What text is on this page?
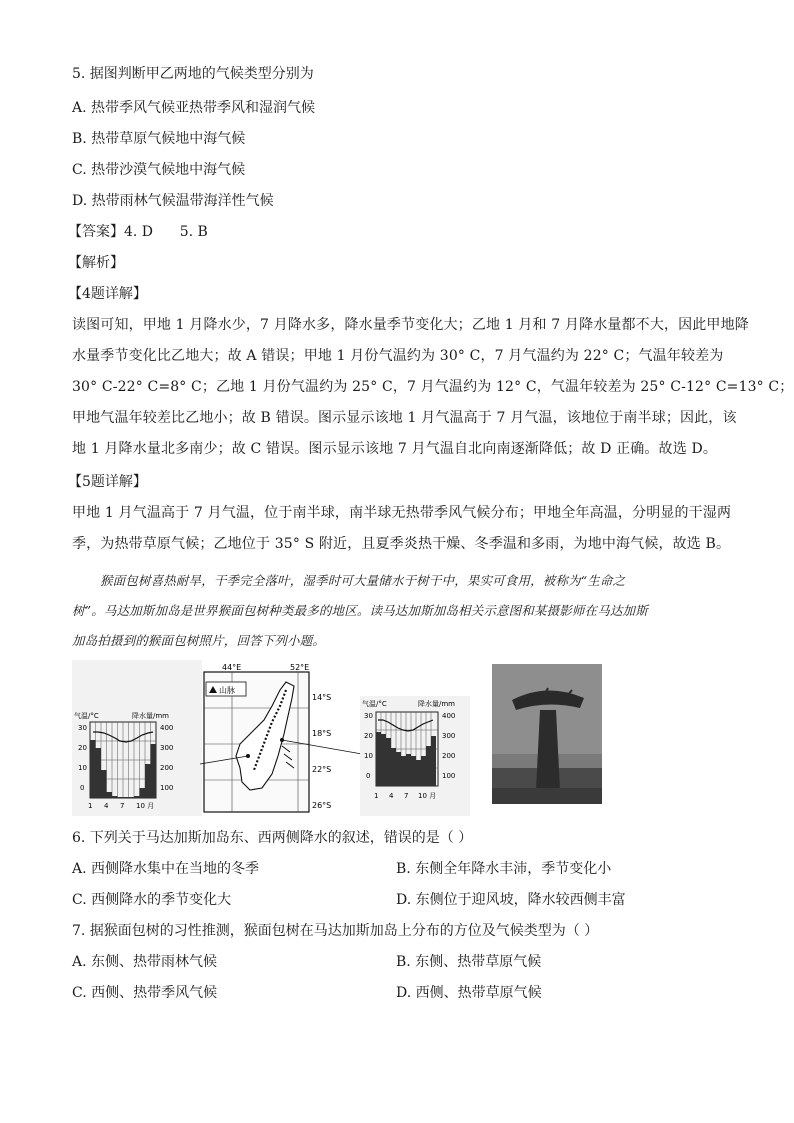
5. 据图判断甲乙两地的气候类型分别为
A. 热带季风气候亚热带季风和湿润气候
B. 热带草原气候地中海气候
C. 热带沙漠气候地中海气候
D. 热带雨林气候温带海洋性气候
【答案】4. D      5. B
【解析】
【4题详解】
读图可知，甲地 1 月降水少，7 月降水多，降水量季节变化大；乙地 1 月和 7 月降水量都不大，因此甲地降
水量季节变化比乙地大；故 A 错误；甲地 1 月份气温约为 30° C，7 月气温约为 22° C；气温年较差为
30° C-22° C=8° C；乙地 1 月份气温约为 25° C，7 月气温约为 12° C，气温年较差为 25° C-12° C=13° C；
甲地气温年较差比乙地小；故 B 错误。图示显示该地 1 月气温高于 7 月气温，该地位于南半球；因此，该
地 1 月降水量北多南少；故 C 错误。图示显示该地 7 月气温自北向南逐渐降低；故 D 正确。故选 D。
【5题详解】
甲地 1 月气温高于 7 月气温，位于南半球，南半球无热带季风气候分布；甲地全年高温，分明显的干湿两
季，为热带草原气候；乙地位于 35° S 附近，且夏季炎热干燥、冬季温和多雨，为地中海气候，故选 B。
猴面包树喜热耐旱，干季完全落叶，湿季时可大量储水于树干中，果实可食用，被称为“生命之
树”。马达加斯加岛是世界猴面包树种类最多的地区。读马达加斯加岛相关示意图和某摄影师在马达加斯
加岛拍摄到的猴面包树照片，回答下列小题。
气温/°C	降水量/mm
30
20
10
0
400
300
200
100
1 4 7 10 月
44°E	52°E
山脉
14°S
18°S
22°S
26°S
气温/°C	降水量/mm
30
20
10
0
400
300
200
100
1 4 7 10 月
6. 下列关于马达加斯加岛东、西两侧降水的叙述，错误的是（ ）
A. 西侧降水集中在当地的冬季	B. 东侧全年降水丰沛，季节变化小
C. 西侧降水的季节变化大	D. 东侧位于迎风坡，降水较西侧丰富
7. 据猴面包树的习性推测，猴面包树在马达加斯加岛上分布的方位及气候类型为（ ）
A. 东侧、热带雨林气候	B. 东侧、热带草原气候
C. 西侧、热带季风气候	D. 西侧、热带草原气候
